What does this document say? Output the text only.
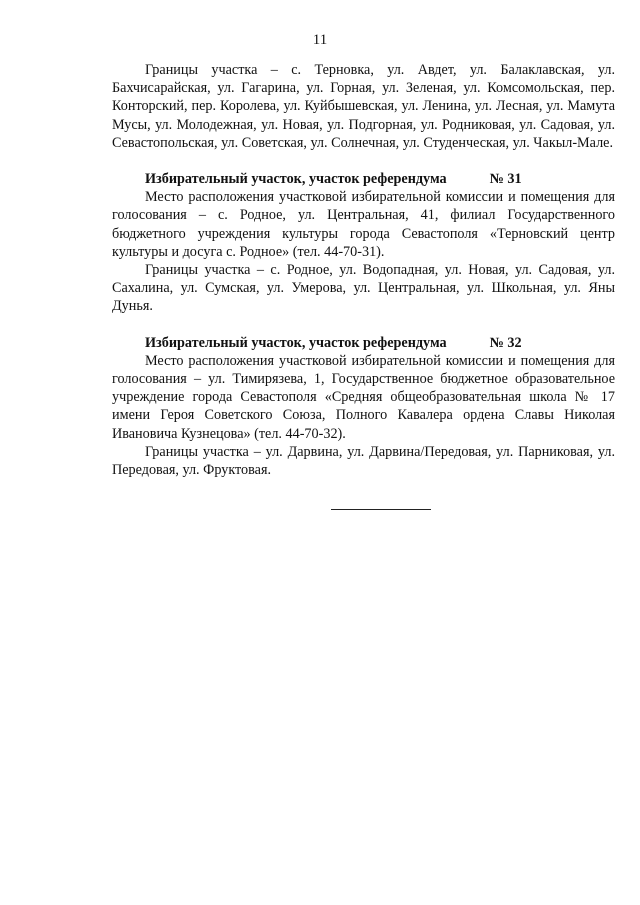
11

Границы участка – с. Терновка, ул. Авдет, ул. Балаклавская, ул. Бахчисарайская, ул. Гагарина, ул. Горная, ул. Зеленая, ул. Комсомольская, пер. Конторский, пер. Королева, ул. Куйбышевская, ул. Ленина, ул. Лесная, ул. Мамута Мусы, ул. Молодежная, ул. Новая, ул. Подгорная, ул. Родниковая, ул. Садовая, ул. Севастопольская, ул. Советская, ул. Солнечная, ул. Студенческая, ул. Чакыл-Мале.

Избирательный участок, участок референдума	№ 31

Место расположения участковой избирательной комиссии и помещения для голосования – с. Родное, ул. Центральная, 41, филиал Государственного бюджетного учреждения культуры города Севастополя «Терновский центр культуры и досуга с. Родное» (тел. 44-70-31).

Границы участка – с. Родное, ул. Водопадная, ул. Новая, ул. Садовая, ул. Сахалина, ул. Сумская, ул. Умерова, ул. Центральная, ул. Школьная, ул. Яны Дунья.

Избирательный участок, участок референдума	№ 32

Место расположения участковой избирательной комиссии и помещения для голосования – ул. Тимирязева, 1, Государственное бюджетное образовательное учреждение города Севастополя «Средняя общеобразовательная школа № 17 имени Героя Советского Союза, Полного Кавалера ордена Славы Николая Ивановича Кузнецова» (тел. 44-70-32).

Границы участка – ул. Дарвина, ул. Дарвина/Передовая, ул. Парниковая, ул. Передовая, ул. Фруктовая.
